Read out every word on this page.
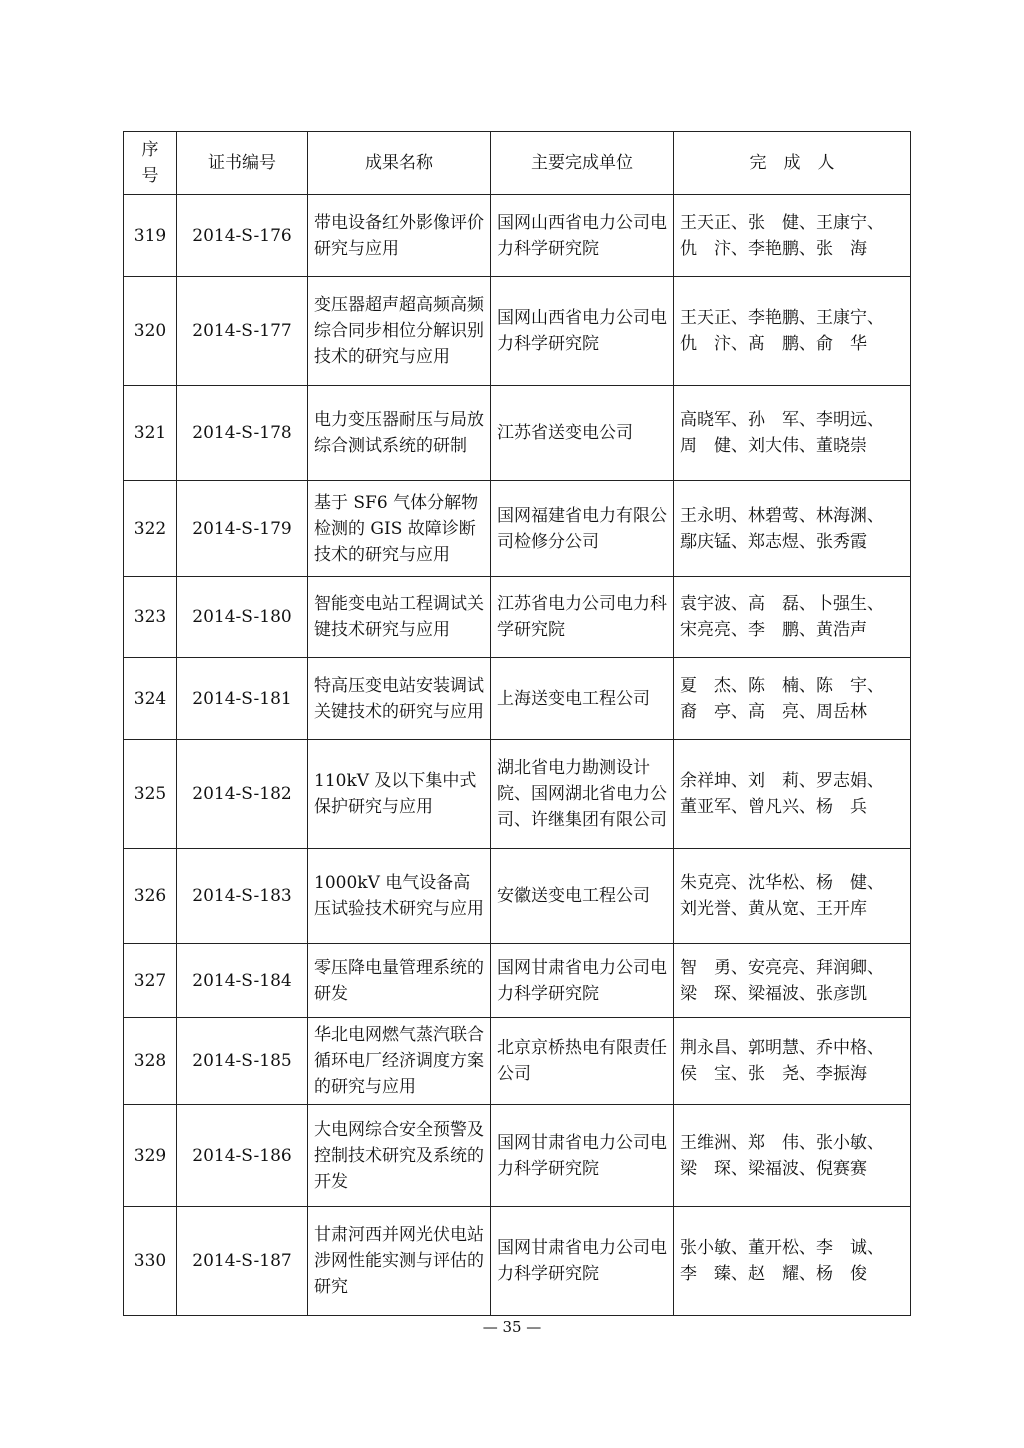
序
号	证书编号	成果名称	主要完成单位	完　成　人
319	2014-S-176	带电设备红外影像评价研究与应用	国网山西省电力公司电力科学研究院	王天正、张　健、王康宁、
仇　汴、李艳鹏、张　海

320	2014-S-177	变压器超声超高频高频综合同步相位分解识别技术的研究与应用	国网山西省电力公司电力科学研究院	王天正、李艳鹏、王康宁、
仇　汴、髙　鹏、俞　华

321	2014-S-178	电力变压器耐压与局放综合测试系统的研制	江苏省送变电公司	高晓军、孙　军、李明远、
周　健、刘大伟、董晓崇

322	2014-S-179	基于 SF6 气体分解物检测的 GIS 故障诊断技术的研究与应用	国网福建省电力有限公司检修分公司	王永明、林碧莺、林海渊、
鄢庆锰、郑志煜、张秀霞

323	2014-S-180	智能变电站工程调试关键技术研究与应用	江苏省电力公司电力科学研究院	袁宇波、高　磊、卜强生、
宋亮亮、李　鹏、黄浩声

324	2014-S-181	特高压变电站安装调试关键技术的研究与应用	上海送变电工程公司	夏　杰、陈　楠、陈　宇、
裔　亭、高　亮、周岳林

325	2014-S-182	110kV 及以下集中式保护研究与应用	湖北省电力勘测设计院、国网湖北省电力公司、许继集团有限公司	余祥坤、刘　莉、罗志娟、
董亚军、曾凡兴、杨　兵

326	2014-S-183	1000kV 电气设备高压试验技术研究与应用	安徽送变电工程公司	朱克亮、沈华松、杨　健、
刘光誉、黄从宽、王开库

327	2014-S-184	零压降电量管理系统的研发	国网甘肃省电力公司电力科学研究院	智　勇、安亮亮、拜润卿、
梁　琛、梁福波、张彦凯

328	2014-S-185	华北电网燃气蒸汽联合循环电厂经济调度方案的研究与应用	北京京桥热电有限责任公司	荆永昌、郭明慧、乔中格、
侯　宝、张　尧、李振海

329	2014-S-186	大电网综合安全预警及控制技术研究及系统的开发	国网甘肃省电力公司电力科学研究院	王维洲、郑　伟、张小敏、
梁　琛、梁福波、倪赛赛

330	2014-S-187	甘肃河西并网光伏电站涉网性能实测与评估的研究	国网甘肃省电力公司电力科学研究院	张小敏、董开松、李　诚、
李　臻、赵　耀、杨　俊
— 35 —
